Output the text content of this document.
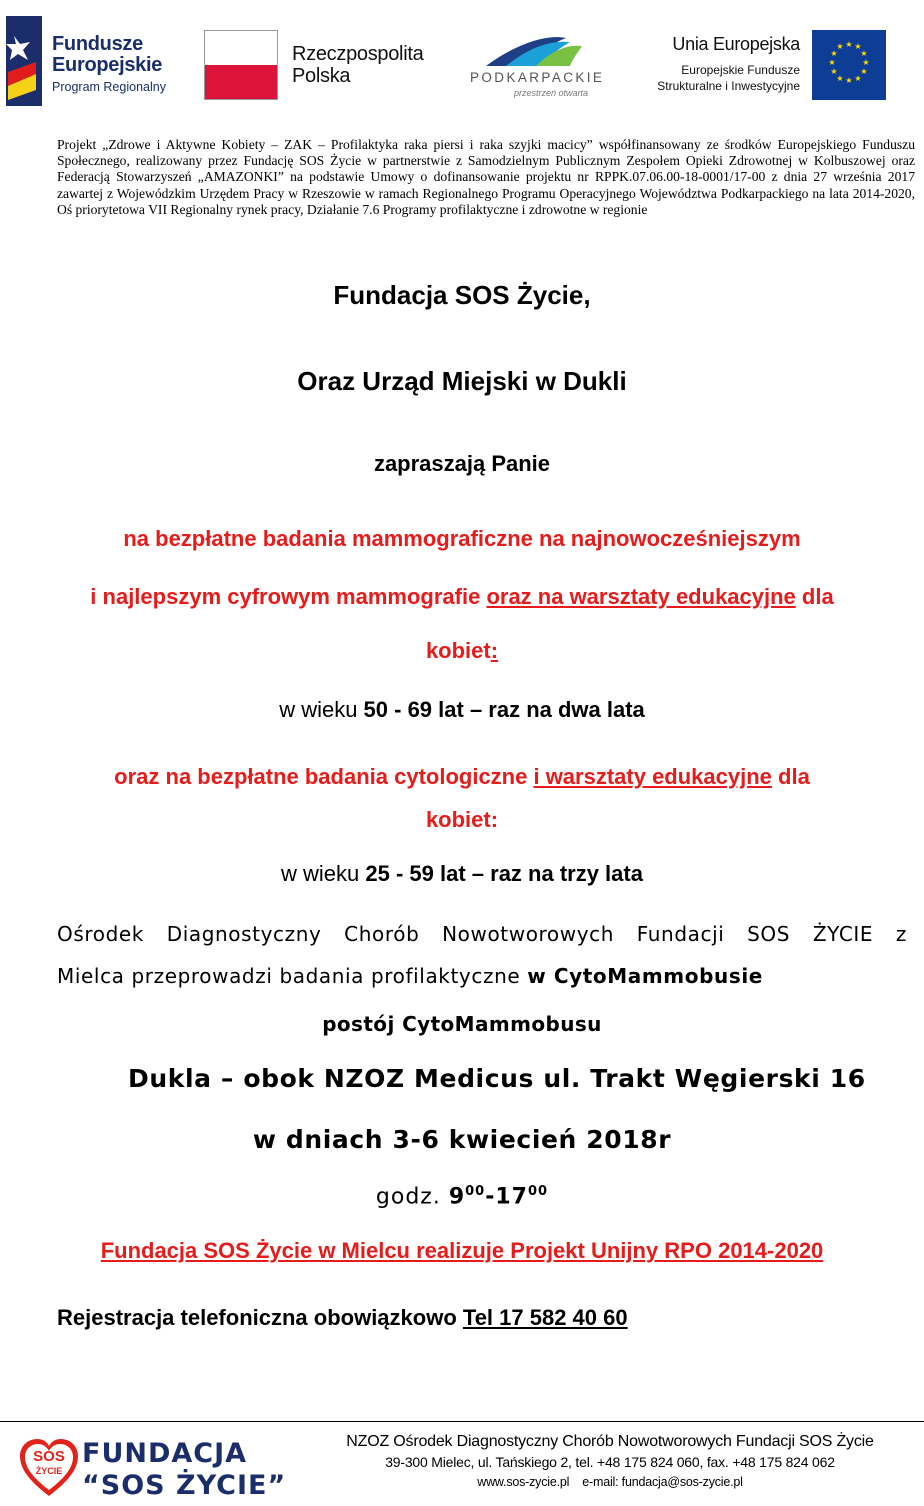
Fundusze
Europejskie
Program Regionalny
Rzeczpospolita
Polska	PODKARPACKIE
przestrzeń otwarta
Unia Europejska
Europejskie Fundusze
Strukturalne i Inwestycyjne
★ ★
★
★
★
★
★
★
★
★
★
★
Projekt „Zdrowe i Aktywne Kobiety – ZAK – Profilaktyka raka piersi i raka szyjki macicy” współfinansowany ze środków Europejskiego Funduszu Społecznego, realizowany przez Fundację SOS Życie w partnerstwie z Samodzielnym Publicznym Zespołem Opieki Zdrowotnej w Kolbuszowej oraz Federacją Stowarzyszeń „AMAZONKI” na podstawie Umowy o dofinansowanie projektu nr RPPK.07.06.00-18-0001/17-00 z dnia 27 września 2017 zawartej z Wojewódzkim Urzędem Pracy w Rzeszowie w ramach Regionalnego Programu Operacyjnego Województwa Podkarpackiego na lata 2014-2020, Oś priorytetowa VII Regionalny rynek pracy, Działanie 7.6 Programy profilaktyczne i zdrowotne w regionie
Fundacja SOS Życie,
Oraz Urząd Miejski w Dukli
zapraszają Panie
na bezpłatne badania mammograficzne na najnowocześniejszym
i najlepszym cyfrowym mammografie oraz na warsztaty edukacyjne dla
kobiet:
w wieku 50 - 69 lat – raz na dwa lata
oraz na bezpłatne badania cytologiczne i warsztaty edukacyjne dla
kobiet:
w wieku 25 - 59 lat – raz na trzy lata
Ośrodek Diagnostyczny Chorób Nowotworowych Fundacji SOS ŻYCIE z
Mielca przeprowadzi badania profilaktyczne w CytoMammobusie
postój CytoMammobusu
Dukla – obok NZOZ Medicus ul. Trakt Węgierski 16
w dniach 3-6 kwiecień 2018r
godz. $9^{00}-17^{00}$
Fundacja SOS Życie w Mielcu realizuje Projekt Unijny RPO 2014-2020
Rejestracja telefoniczna obowiązkowo Tel 17 582 40 60
SOS
ŻYCIE
FUNDACJA
“SOS ŻYCIE”
NZOZ Ośrodek Diagnostyczny Chorób Nowotworowych Fundacji SOS Życie
39-300 Mielec, ul. Tańskiego 2, tel. +48 175 824 060, fax. +48 175 824 062
www.sos-zycie.pl    e-mail: fundacja@sos-zycie.pl
